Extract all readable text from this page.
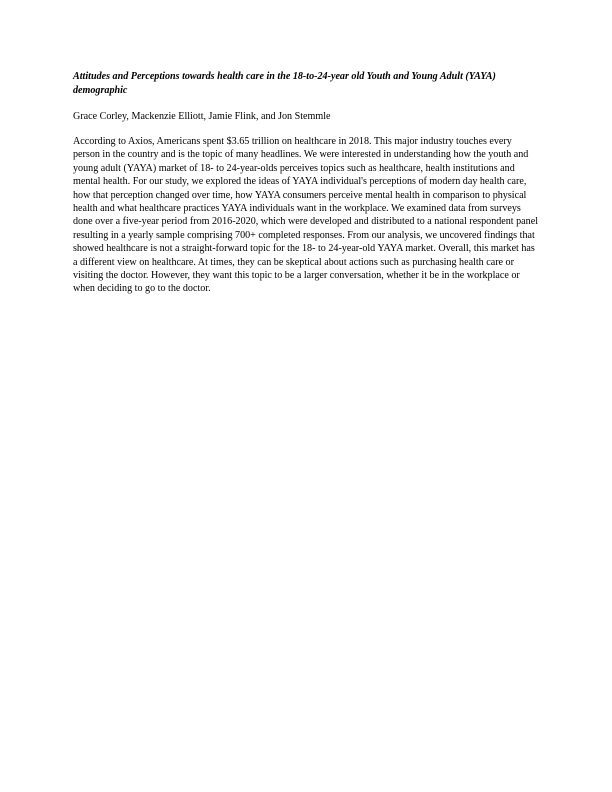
Attitudes and Perceptions towards health care in the 18-to-24-year old Youth and Young Adult (YAYA) demographic

Grace Corley, Mackenzie Elliott, Jamie Flink, and Jon Stemmle

According to Axios, Americans spent $3.65 trillion on healthcare in 2018. This major industry touches every person in the country and is the topic of many headlines. We were interested in understanding how the youth and young adult (YAYA) market of 18- to 24-year-olds perceives topics such as healthcare, health institutions and mental health. For our study, we explored the ideas of YAYA individual's perceptions of modern day health care, how that perception changed over time, how YAYA consumers perceive mental health in comparison to physical health and what healthcare practices YAYA individuals want in the workplace. We examined data from surveys done over a five-year period from 2016-2020, which were developed and distributed to a national respondent panel resulting in a yearly sample comprising 700+ completed responses. From our analysis, we uncovered findings that showed healthcare is not a straight-forward topic for the 18- to 24-year-old YAYA market. Overall, this market has a different view on healthcare. At times, they can be skeptical about actions such as purchasing health care or visiting the doctor. However, they want this topic to be a larger conversation, whether it be in the workplace or when deciding to go to the doctor.
